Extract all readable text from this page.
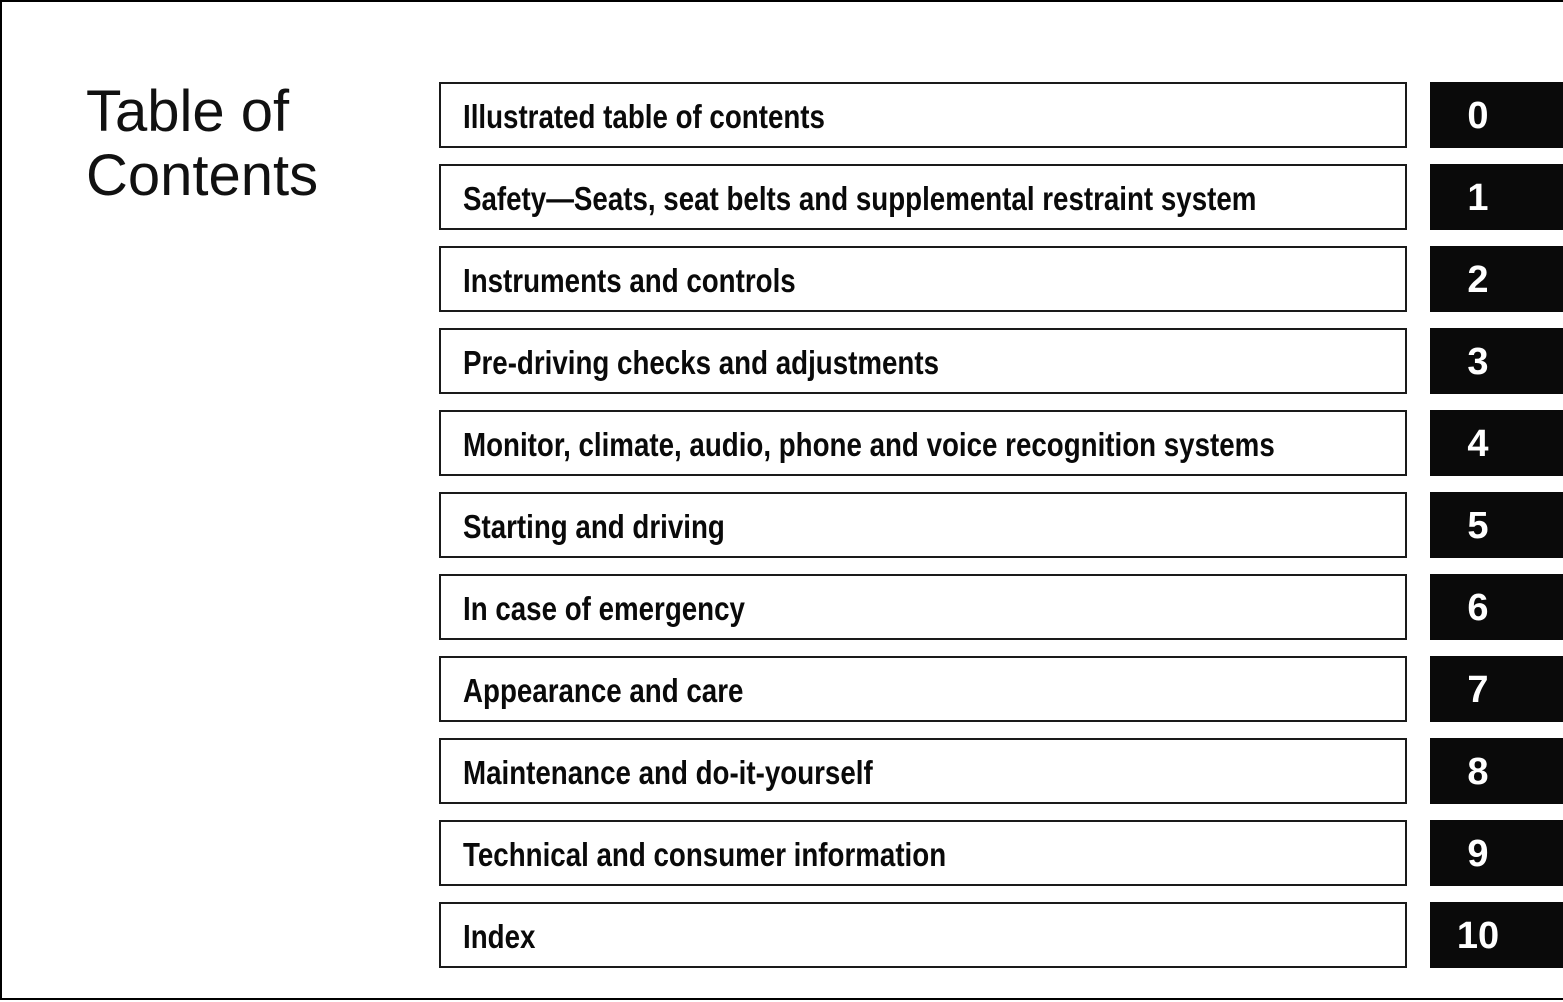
Table of
Contents
Illustrated table of contents	0
Safety—Seats, seat belts and supplemental restraint system	1
Instruments and controls	2
Pre-driving checks and adjustments	3
Monitor, climate, audio, phone and voice recognition systems	4
Starting and driving	5
In case of emergency	6
Appearance and care	7
Maintenance and do-it-yourself	8
Technical and consumer information	9
Index	10
